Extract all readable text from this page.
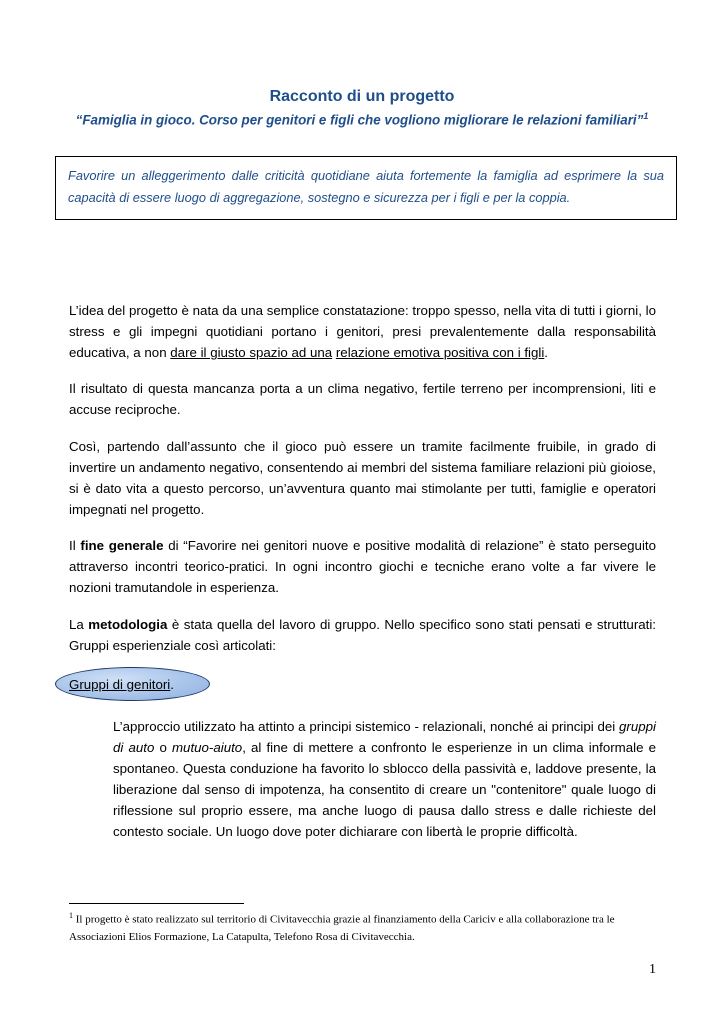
Racconto di un progetto

“Famiglia in gioco. Corso per genitori e figli che vogliono migliorare le relazioni familiari”$^1$

Favorire un alleggerimento dalle criticità quotidiane aiuta fortemente la famiglia ad esprimere la sua capacità di essere luogo di aggregazione, sostegno e sicurezza per i figli e per la coppia.

L’idea del progetto è nata da una semplice constatazione: troppo spesso, nella vita di tutti i giorni, lo stress e gli impegni quotidiani portano i genitori, presi prevalentemente dalla responsabilità educativa, a non dare il giusto spazio ad una relazione emotiva positiva con i figli.

Il risultato di questa mancanza porta a un clima negativo, fertile terreno per incomprensioni, liti e accuse reciproche.

Così, partendo dall’assunto che il gioco può essere un tramite facilmente fruibile, in grado di invertire un andamento negativo, consentendo ai membri del sistema familiare relazioni più gioiose, si è dato vita a questo percorso, un’avventura quanto mai stimolante per tutti, famiglie e operatori impegnati nel progetto.

Il fine generale di “Favorire nei genitori nuove e positive modalità di relazione” è stato perseguito attraverso incontri teorico-pratici. In ogni incontro giochi e tecniche erano volte a far vivere le nozioni tramutandole in esperienza.

La metodologia è stata quella del lavoro di gruppo. Nello specifico sono stati pensati e strutturati: Gruppi esperienziale così articolati:

Gruppi di genitori.

L’approccio utilizzato ha attinto a principi sistemico - relazionali, nonché ai principi dei gruppi di auto o mutuo-aiuto, al fine di mettere a confronto le esperienze in un clima informale e spontaneo. Questa conduzione ha favorito lo sblocco della passività e, laddove presente, la liberazione dal senso di impotenza, ha consentito di creare un "contenitore" quale luogo di riflessione sul proprio essere, ma anche luogo di pausa dallo stress e dalle richieste del contesto sociale. Un luogo dove poter dichiarare con libertà le proprie difficoltà.

$^1$ Il progetto è stato realizzato sul territorio di Civitavecchia grazie al finanziamento della Cariciv e alla collaborazione tra le Associazioni Elios Formazione, La Catapulta, Telefono Rosa di Civitavecchia.

1
